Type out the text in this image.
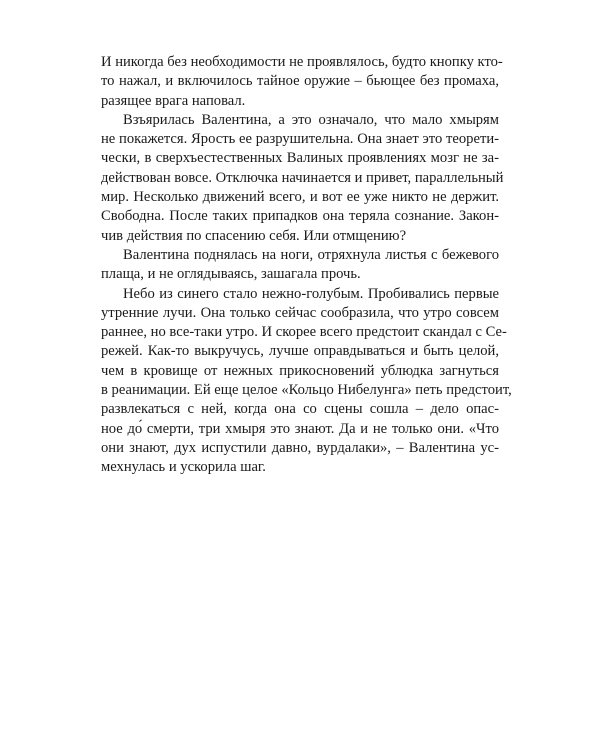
И никогда без необходимости не проявлялось, будто кнопку кто-
то нажал, и включилось тайное оружие – бьющее без промаха,
разящее врага наповал.

Взъярилась Валентина, а это означало, что мало хмырям
не покажется. Ярость ее разрушительна. Она знает это теорети-
чески, в сверхъестественных Валиных проявлениях мозг не за-
действован вовсе. Отключка начинается и привет, параллельный
мир. Несколько движений всего, и вот ее уже никто не держит.
Свободна. После таких припадков она теряла сознание. Закон-
чив действия по спасению себя. Или отмщению?

Валентина поднялась на ноги, отряхнула листья с бежевого
плаща, и не оглядываясь, зашагала прочь.

Небо из синего стало нежно-голубым. Пробивались первые
утренние лучи. Она только сейчас сообразила, что утро совсем
раннее, но все-таки утро. И скорее всего предстоит скандал с Се-
режей. Как-то выкручусь, лучше оправдываться и быть целой,
чем в кровище от нежных прикосновений ублюдка загнуться
в реанимации. Ей еще целое «Кольцо Нибелунга» петь предстоит,
развлекаться с ней, когда она со сцены сошла – дело опас-
ное до́ смерти, три хмыря это знают. Да и не только они. «Что
они знают, дух испустили давно, вурдалаки», – Валентина ус-
мехнулась и ускорила шаг.
